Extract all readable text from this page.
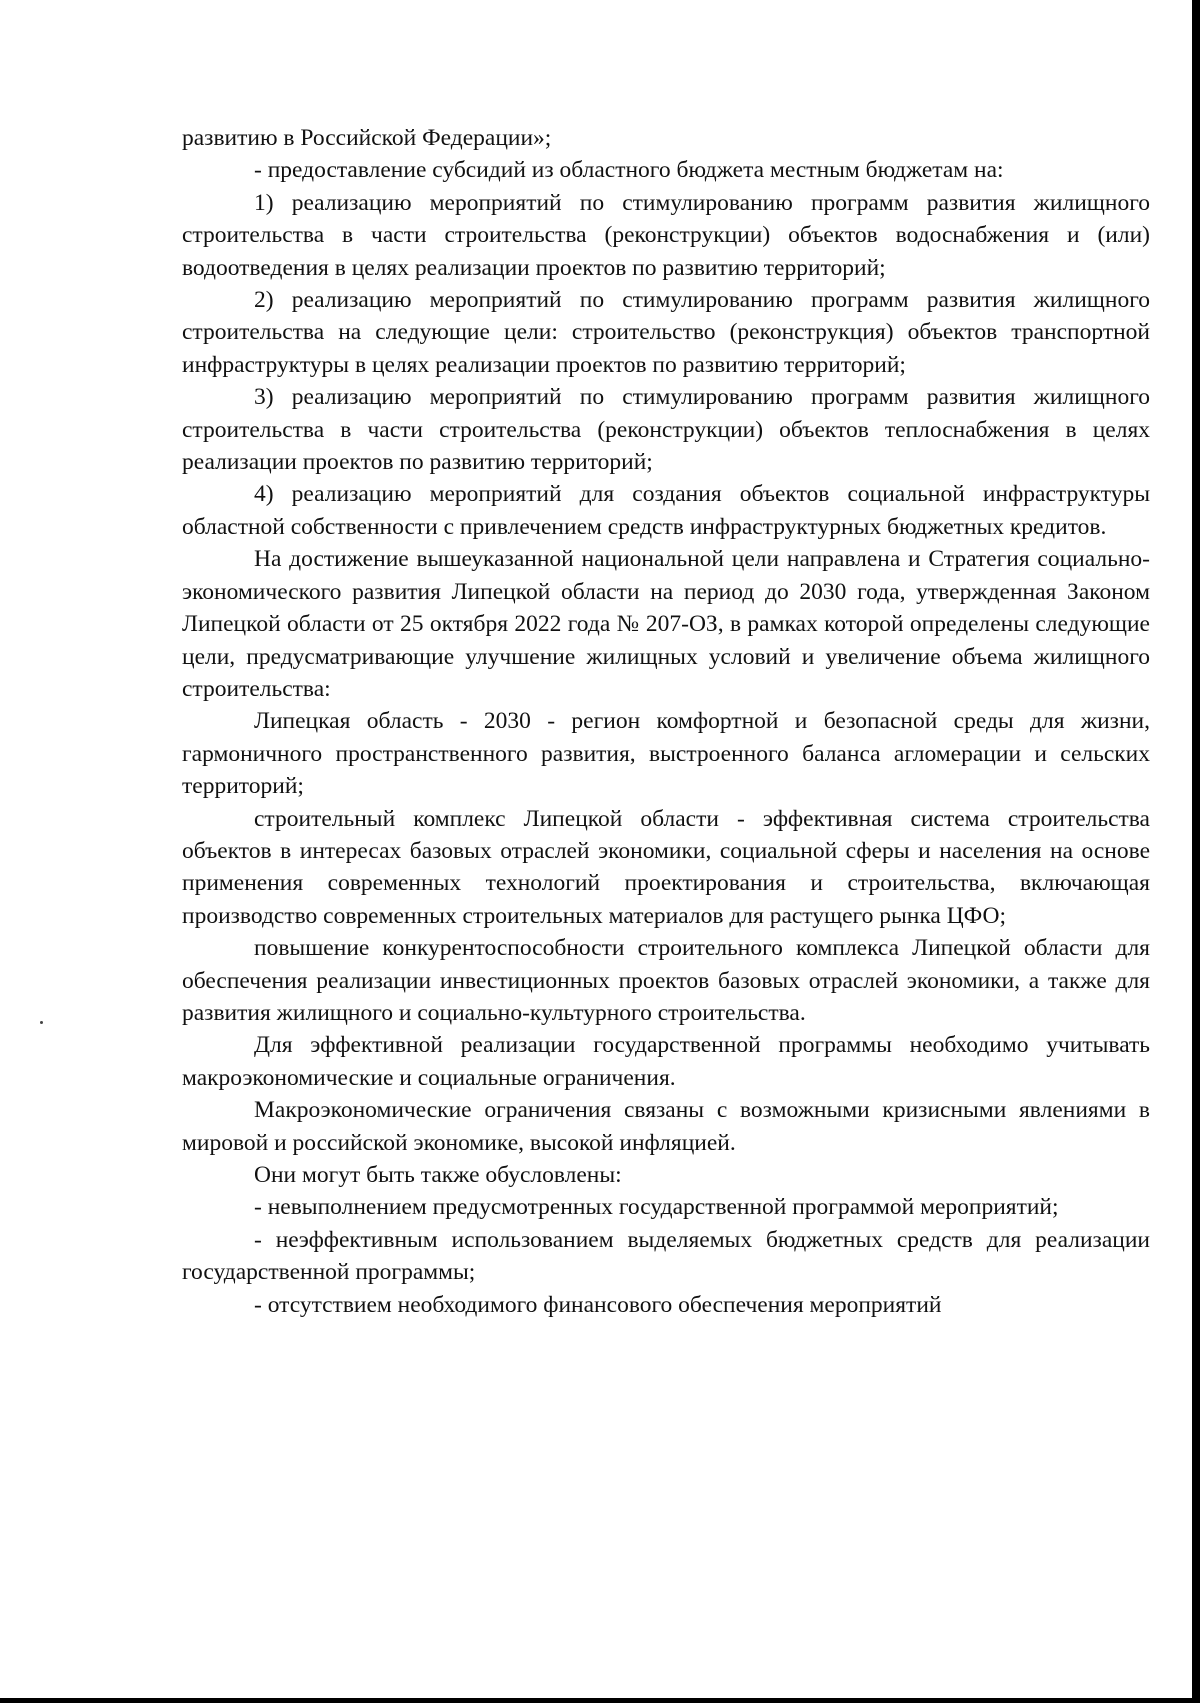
развитию в Российской Федерации»;

- предоставление субсидий из областного бюджета местным бюджетам на:

1) реализацию мероприятий по стимулированию программ развития жилищного строительства в части строительства (реконструкции) объектов водоснабжения и (или) водоотведения в целях реализации проектов по развитию территорий;

2) реализацию мероприятий по стимулированию программ развития жилищного строительства на следующие цели: строительство (реконструкция) объектов транспортной инфраструктуры в целях реализации проектов по развитию территорий;

3) реализацию мероприятий по стимулированию программ развития жилищного строительства в части строительства (реконструкции) объектов теплоснабжения в целях реализации проектов по развитию территорий;

4) реализацию мероприятий для создания объектов социальной инфраструктуры областной собственности с привлечением средств инфраструктурных бюджетных кредитов.

На достижение вышеуказанной национальной цели направлена и Стратегия социально-экономического развития Липецкой области на период до 2030 года, утвержденная Законом Липецкой области от 25 октября 2022 года № 207-ОЗ, в рамках которой определены следующие цели, предусматривающие улучшение жилищных условий и увеличение объема жилищного строительства:

Липецкая область - 2030 - регион комфортной и безопасной среды для жизни, гармоничного пространственного развития, выстроенного баланса агломерации и сельских территорий;

строительный комплекс Липецкой области - эффективная система строительства объектов в интересах базовых отраслей экономики, социальной сферы и населения на основе применения современных технологий проектирования и строительства, включающая производство современных строительных материалов для растущего рынка ЦФО;

повышение конкурентоспособности строительного комплекса Липецкой области для обеспечения реализации инвестиционных проектов базовых отраслей экономики, а также для развития жилищного и социально-культурного строительства.

Для эффективной реализации государственной программы необходимо учитывать макроэкономические и социальные ограничения.

Макроэкономические ограничения связаны с возможными кризисными явлениями в мировой и российской экономике, высокой инфляцией.

Они могут быть также обусловлены:

- невыполнением предусмотренных государственной программой мероприятий;

- неэффективным использованием выделяемых бюджетных средств для реализации государственной программы;

- отсутствием необходимого финансового обеспечения мероприятий
